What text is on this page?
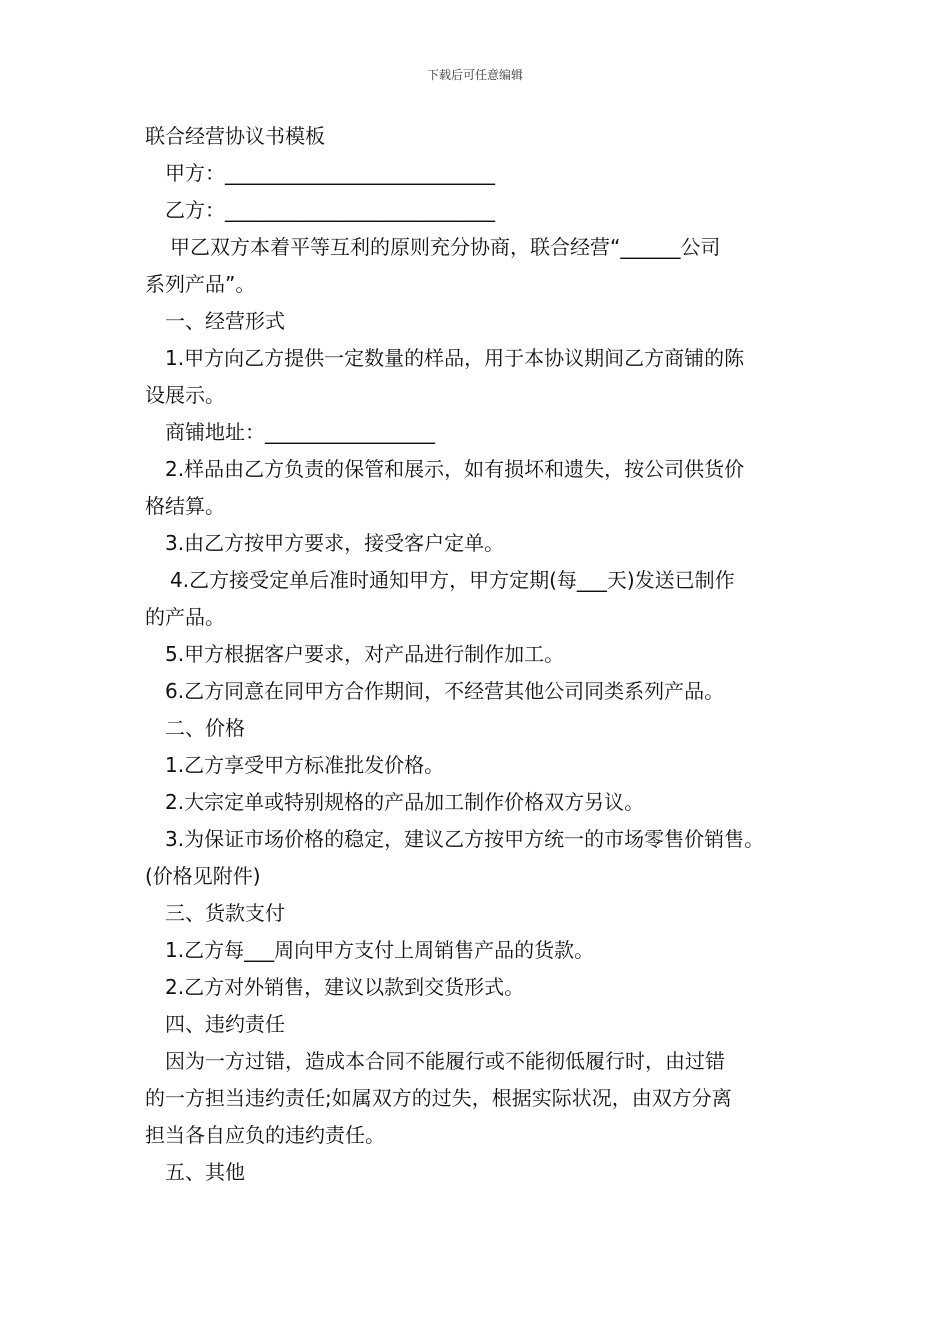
下载后可任意编辑

联合经营协议书模板

甲方：___________________________

乙方：___________________________

甲乙双方本着平等互利的原则充分协商，联合经营“______公司

系列产品”。

一、经营形式

1.甲方向乙方提供一定数量的样品，用于本协议期间乙方商铺的陈

设展示。

商铺地址：_________________

2.样品由乙方负责的保管和展示，如有损坏和遗失，按公司供货价

格结算。

3.由乙方按甲方要求，接受客户定单。

4.乙方接受定单后准时通知甲方，甲方定期(每___天)发送已制作

的产品。

5.甲方根据客户要求，对产品进行制作加工。

6.乙方同意在同甲方合作期间，不经营其他公司同类系列产品。

二、价格

1.乙方享受甲方标准批发价格。

2.大宗定单或特别规格的产品加工制作价格双方另议。

3.为保证市场价格的稳定，建议乙方按甲方统一的市场零售价销售。

(价格见附件)

三、货款支付

1.乙方每___周向甲方支付上周销售产品的货款。

2.乙方对外销售，建议以款到交货形式。

四、违约责任

因为一方过错，造成本合同不能履行或不能彻低履行时，由过错

的一方担当违约责任;如属双方的过失，根据实际状况，由双方分离

担当各自应负的违约责任。

五、其他
